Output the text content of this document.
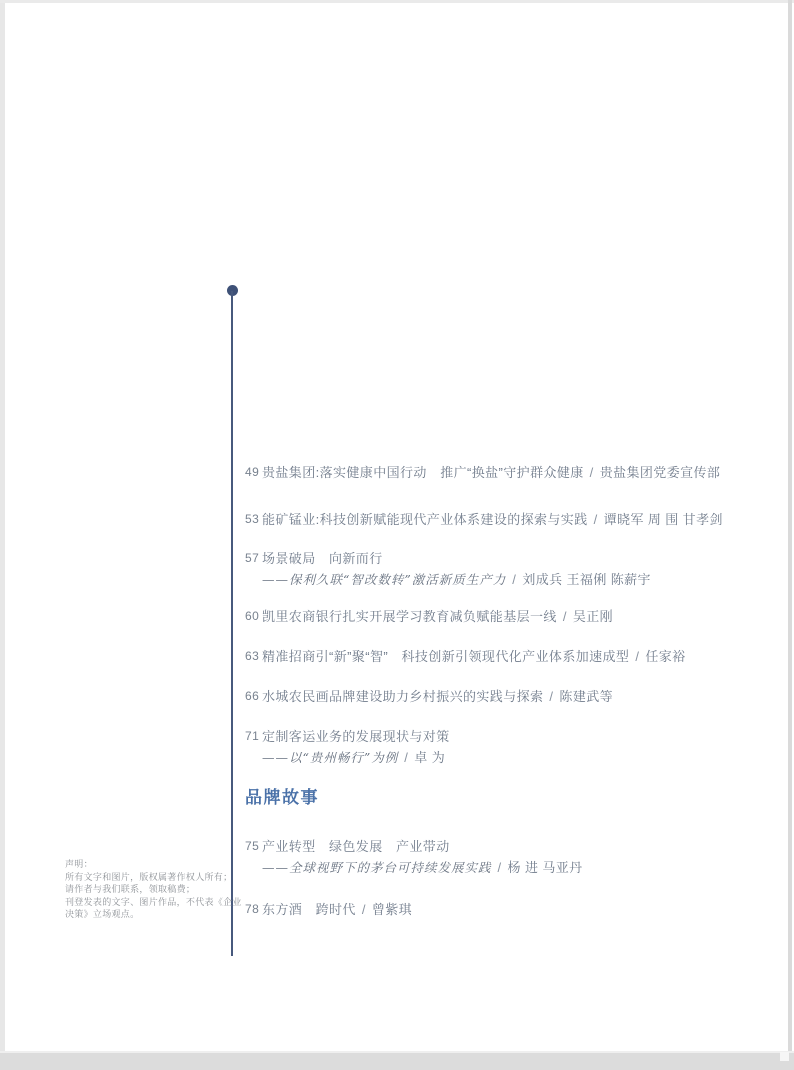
49 贵盐集团:落实健康中国行动　推广“换盐”守护群众健康 / 贵盐集团党委宣传部
53 能矿锰业:科技创新赋能现代产业体系建设的探索与实践 / 谭晓军 周 围 甘孝剑
57 场景破局　向新而行
——保利久联“智改数转”激活新质生产力 / 刘成兵 王福俐 陈薪宇
60 凯里农商银行扎实开展学习教育减负赋能基层一线 / 吴正刚
63 精准招商引“新”聚“智”　科技创新引领现代化产业体系加速成型 / 任家裕
66 水城农民画品牌建设助力乡村振兴的实践与探索 / 陈建武等
71 定制客运业务的发展现状与对策
——以“贵州畅行”为例 / 卓 为
品牌故事
75 产业转型　绿色发展　产业带动
——全球视野下的茅台可持续发展实践 / 杨 进 马亚丹
78 东方酒　跨时代 / 曾紫琪
声明：
所有文字和图片，版权属著作权人所有；
请作者与我们联系，领取稿费；
刊登发表的文字、图片作品，不代表《企业
决策》立场观点。
